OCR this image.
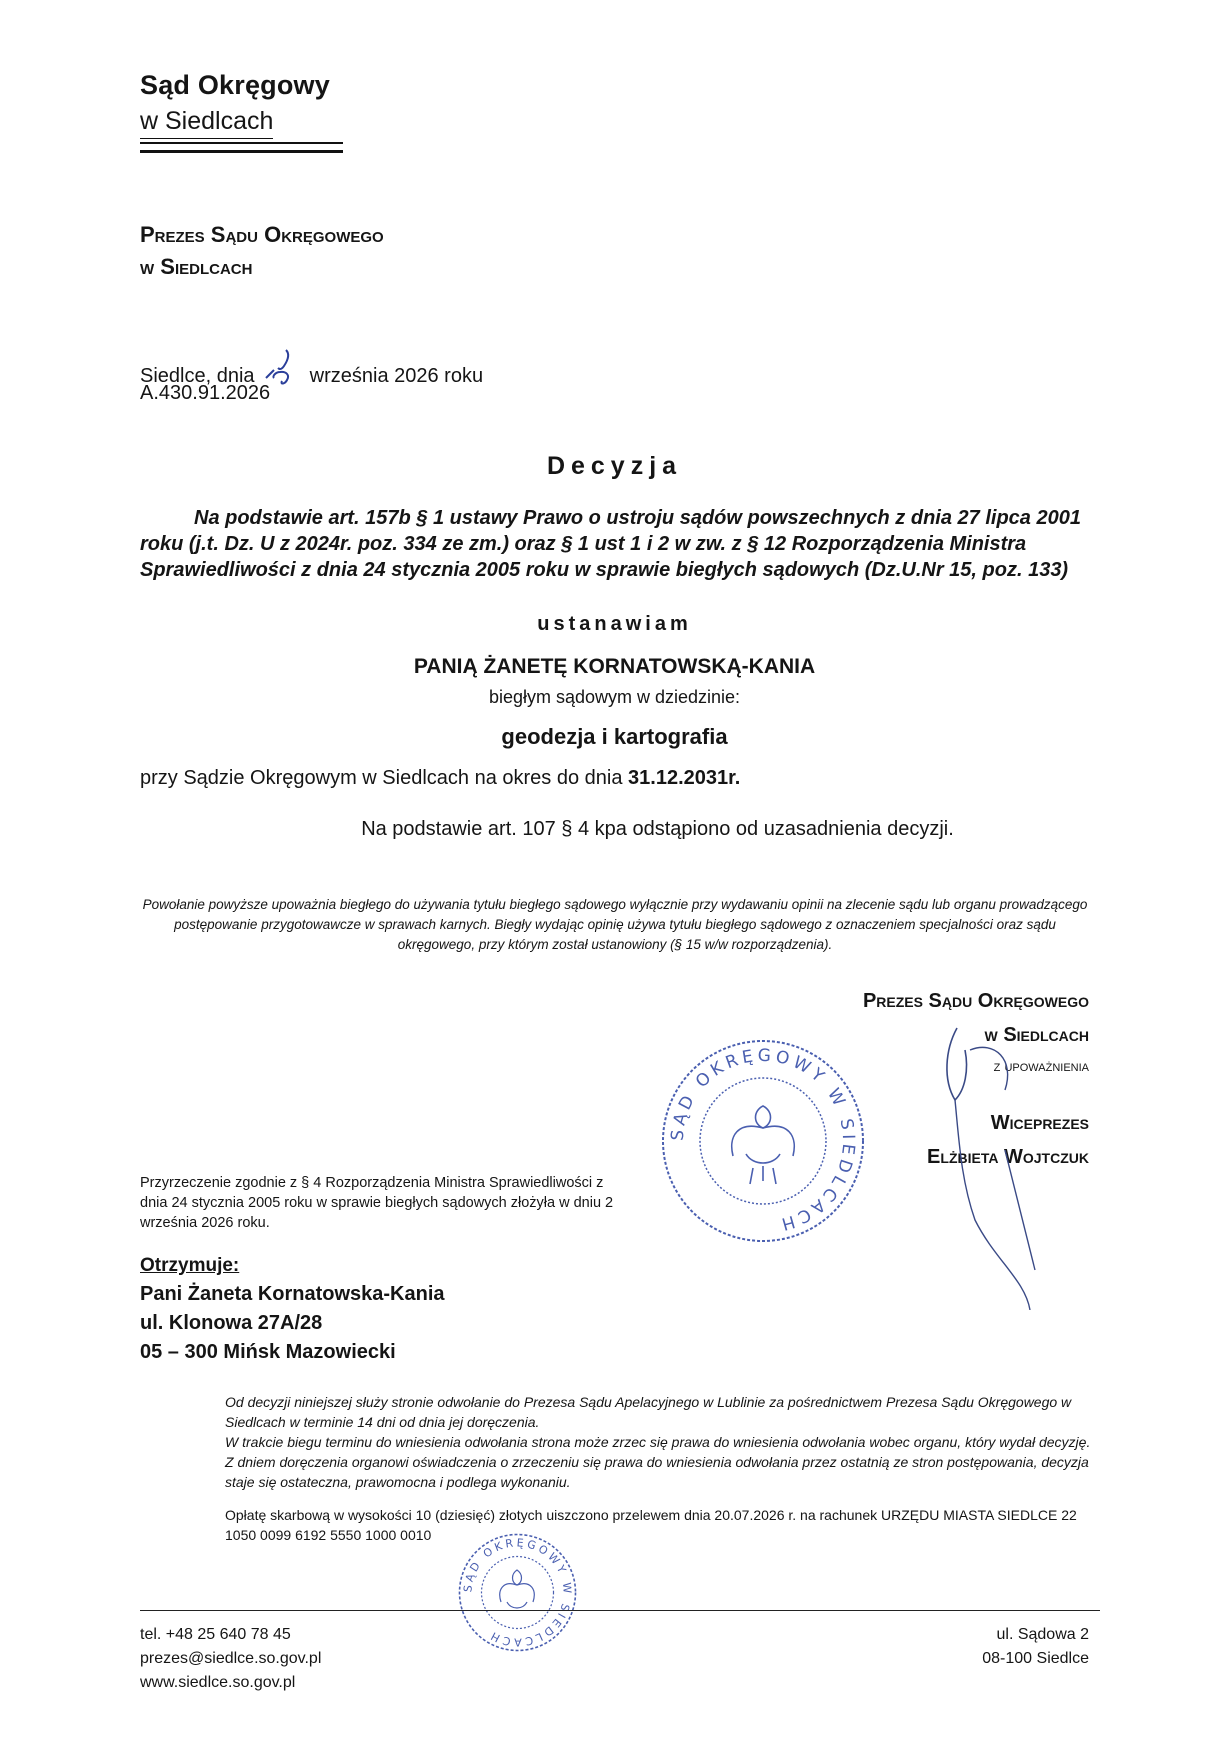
Sąd Okręgowy
w Siedlcach
Prezes Sądu Okręgowego
w Siedlcach
Siedlce, dnia	września 2026 roku
A.430.91.2026
Decyzja
Na podstawie art. 157b § 1 ustawy Prawo o ustroju sądów powszechnych z dnia 27 lipca 2001 roku (j.t. Dz. U z 2024r. poz. 334 ze zm.) oraz § 1 ust 1 i 2 w zw. z § 12 Rozporządzenia Ministra Sprawiedliwości z dnia 24 stycznia 2005 roku w sprawie biegłych sądowych (Dz.U.Nr 15, poz. 133)
ustanawiam
PANIĄ ŻANETĘ KORNATOWSKĄ-KANIA
biegłym sądowym w dziedzinie:
geodezja i kartografia
przy Sądzie Okręgowym w Siedlcach na okres do dnia 31.12.2031r.
Na podstawie art. 107 § 4 kpa odstąpiono od uzasadnienia decyzji.
Powołanie powyższe upoważnia biegłego do używania tytułu biegłego sądowego wyłącznie przy wydawaniu opinii na zlecenie sądu lub organu prowadzącego postępowanie przygotowawcze w sprawach karnych. Biegły wydając opinię używa tytułu biegłego sądowego z oznaczeniem specjalności oraz sądu okręgowego, przy którym został ustanowiony (§ 15 w/w rozporządzenia).
Prezes Sądu Okręgowego
w Siedlcach
z upoważnienia
Wiceprezes
Elżbieta Wojtczuk
SĄD OKRĘGOWY W SIEDLCACH
SĄD OKRĘGOWY W SIEDLCACH
Przyrzeczenie zgodnie z § 4 Rozporządzenia Ministra Sprawiedliwości z dnia 24 stycznia 2005 roku w sprawie biegłych sądowych złożyła w dniu 2 września 2026 roku.
Otrzymuje:
Pani Żaneta Kornatowska-Kania
ul. Klonowa 27A/28
05 – 300 Mińsk Mazowiecki
Od decyzji niniejszej służy stronie odwołanie do Prezesa Sądu Apelacyjnego w Lublinie za pośrednictwem Prezesa Sądu Okręgowego w Siedlcach w terminie 14 dni od dnia jej doręczenia.
W trakcie biegu terminu do wniesienia odwołania strona może zrzec się prawa do wniesienia odwołania wobec organu, który wydał decyzję. Z dniem doręczenia organowi oświadczenia o zrzeczeniu się prawa do wniesienia odwołania przez ostatnią ze stron postępowania, decyzja staje się ostateczna, prawomocna i podlega wykonaniu.
Opłatę skarbową w wysokości 10 (dziesięć) złotych uiszczono przelewem dnia 20.07.2026 r. na rachunek URZĘDU MIASTA SIEDLCE 22 1050 0099 6192 5550 1000 0010
tel. +48 25 640 78 45
prezes@siedlce.so.gov.pl
www.siedlce.so.gov.pl
ul. Sądowa 2
08-100 Siedlce
